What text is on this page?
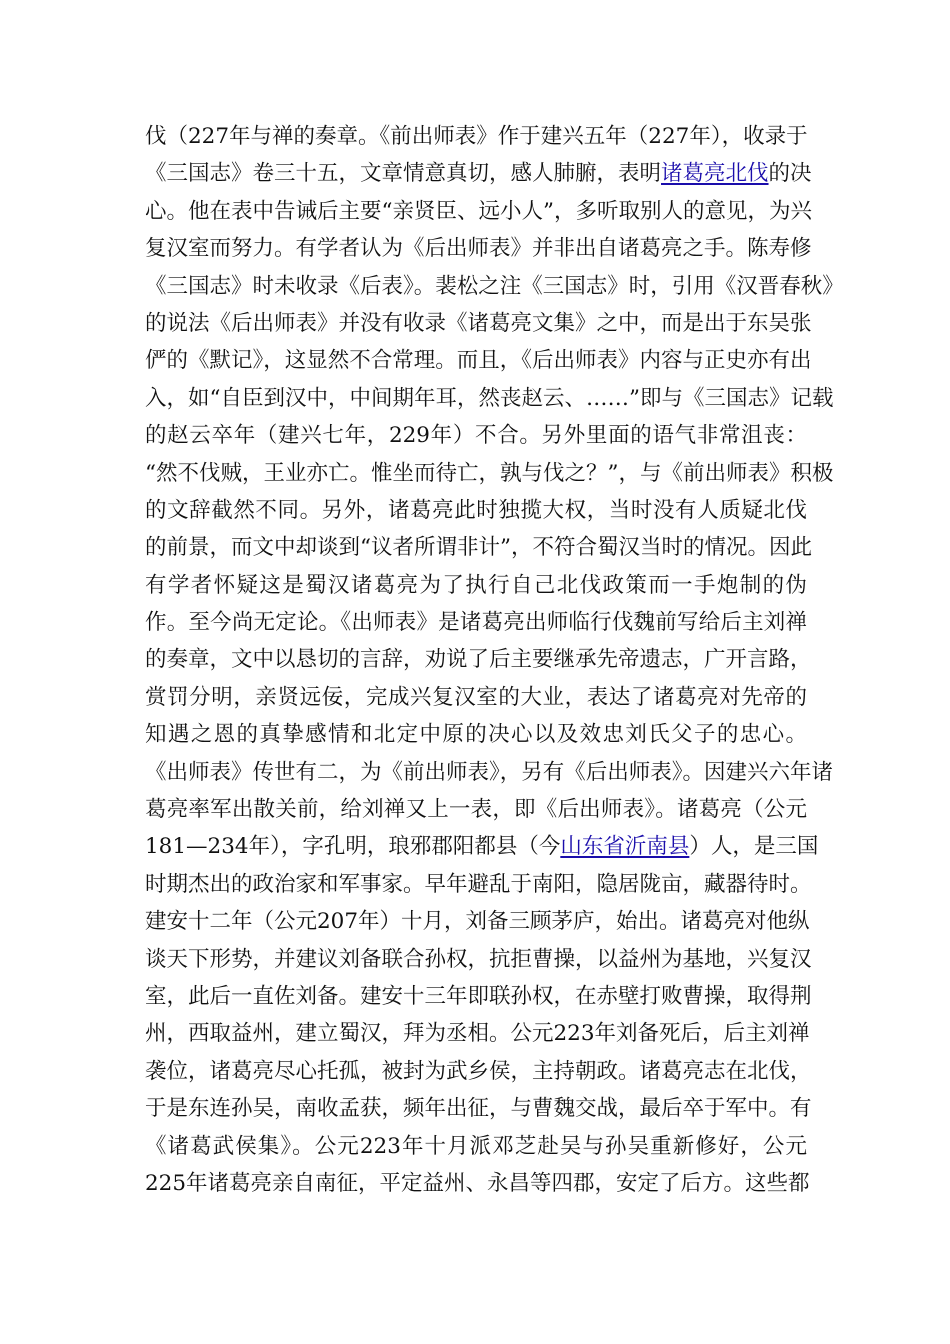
伐（227年与禅的奏章。《前出师表》作于建兴五年（227年），收录于
《三国志》卷三十五，文章情意真切，感人肺腑，表明诸葛亮北伐的决
心。他在表中告诫后主要“亲贤臣、远小人”，多听取别人的意见，为兴
复汉室而努力。有学者认为《后出师表》并非出自诸葛亮之手。陈寿修
《三国志》时未收录《后表》。裴松之注《三国志》时，引用《汉晋春秋》
的说法《后出师表》并没有收录《诸葛亮文集》之中，而是出于东吴张
俨的《默记》，这显然不合常理。而且，《后出师表》内容与正史亦有出
入，如“自臣到汉中，中间期年耳，然丧赵云、……”即与《三国志》记载
的赵云卒年（建兴七年，229年）不合。另外里面的语气非常沮丧：
“然不伐贼，王业亦亡。惟坐而待亡，孰与伐之？”，与《前出师表》积极
的文辞截然不同。另外，诸葛亮此时独揽大权，当时没有人质疑北伐
的前景，而文中却谈到“议者所谓非计”，不符合蜀汉当时的情况。因此
有学者怀疑这是蜀汉诸葛亮为了执行自己北伐政策而一手炮制的伪
作。至今尚无定论。《出师表》是诸葛亮出师临行伐魏前写给后主刘禅
的奏章，文中以恳切的言辞，劝说了后主要继承先帝遗志，广开言路，
赏罚分明，亲贤远佞，完成兴复汉室的大业，表达了诸葛亮对先帝的
知遇之恩的真挚感情和北定中原的决心以及效忠刘氏父子的忠心。
《出师表》传世有二，为《前出师表》，另有《后出师表》。因建兴六年诸
葛亮率军出散关前，给刘禅又上一表，即《后出师表》。诸葛亮（公元
181—234年），字孔明，琅邪郡阳都县（今山东省沂南县）人，是三国
时期杰出的政治家和军事家。早年避乱于南阳，隐居陇亩，藏器待时。
建安十二年（公元207年）十月，刘备三顾茅庐，始出。诸葛亮对他纵
谈天下形势，并建议刘备联合孙权，抗拒曹操，以益州为基地，兴复汉
室，此后一直佐刘备。建安十三年即联孙权，在赤壁打败曹操，取得荆
州，西取益州，建立蜀汉，拜为丞相。公元223年刘备死后，后主刘禅
袭位，诸葛亮尽心托孤，被封为武乡侯，主持朝政。诸葛亮志在北伐，
于是东连孙吴，南收孟获，频年出征，与曹魏交战，最后卒于军中。有
《诸葛武侯集》。公元223年十月派邓芝赴吴与孙吴重新修好，公元
225年诸葛亮亲自南征，平定益州、永昌等四郡，安定了后方。这些都
